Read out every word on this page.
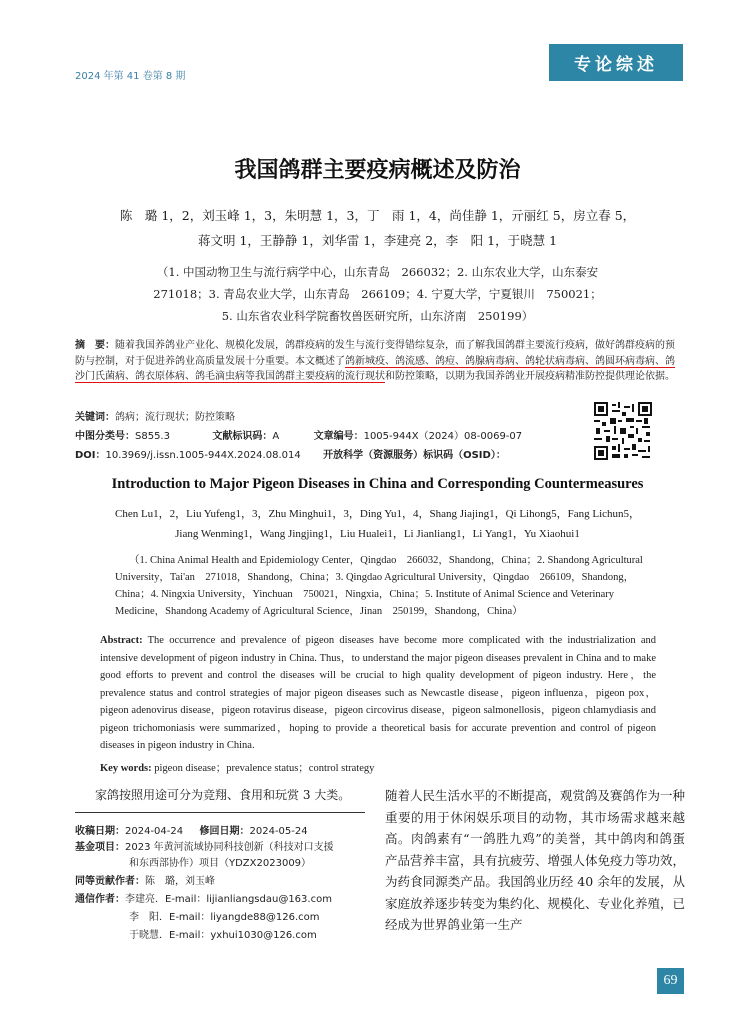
2024 年第 41 卷第 8 期
专论综述
我国鸽群主要疫病概述及防治
陈　璐 1，2，刘玉峰 1，3，朱明慧 1，3，丁　雨 1，4，尚佳静 1，亓丽红 5，房立春 5，
蒋文明 1，王静静 1，刘华雷 1，李建亮 2，李　阳 1，于晓慧 1
（1. 中国动物卫生与流行病学中心，山东青岛　266032；2. 山东农业大学，山东泰安
271018；3. 青岛农业大学，山东青岛　266109；4. 宁夏大学，宁夏银川　750021；
5. 山东省农业科学院畜牧兽医研究所，山东济南　250199）
摘　要：随着我国养鸽业产业化、规模化发展，鸽群疫病的发生与流行变得错综复杂，而了解我国鸽群主要流行疫病，做好鸽群疫病的预防与控制，对于促进养鸽业高质量发展十分重要。本文概述了鸽新城疫、鸽流感、鸽痘、鸽腺病毒病、鸽轮状病毒病、鸽圆环病毒病、鸽沙门氏菌病、鸽衣原体病、鸽毛滴虫病等我国鸽群主要疫病的流行现状和防控策略，以期为我国养鸽业开展疫病精准防控提供理论依据。
关键词：鸽病；流行现状；防控策略
中图分类号：S855.3	文献标识码：A	文章编号：1005-944X（2024）08-0069-07
DOI：10.3969/j.issn.1005-944X.2024.08.014 开放科学（资源服务）标识码（OSID）：
Introduction to Major Pigeon Diseases in China and Corresponding Countermeasures
Chen Lu1，2，Liu Yufeng1，3，Zhu Minghui1，3，Ding Yu1，4，Shang Jiajing1，Qi Lihong5，Fang Lichun5，
Jiang Wenming1，Wang Jingjing1，Liu Hualei1，Li Jianliang1，Li Yang1，Yu Xiaohui1
（1. China Animal Health and Epidemiology Center，Qingdao　266032，Shandong，China；2. Shandong Agricultural University，Tai'an　271018，Shandong，China；3. Qingdao Agricultural University，Qingdao　266109，Shandong，China；4. Ningxia University，Yinchuan　750021，Ningxia，China；5. Institute of Animal Science and Veterinary Medicine，Shandong Academy of Agricultural Science，Jinan　250199，Shandong，China）
Abstract: The occurrence and prevalence of pigeon diseases have become more complicated with the industrialization and intensive development of pigeon industry in China. Thus，to understand the major pigeon diseases prevalent in China and to make good efforts to prevent and control the diseases will be crucial to high quality development of pigeon industry. Here，the prevalence status and control strategies of major pigeon diseases such as Newcastle disease，pigeon influenza，pigeon pox，pigeon adenovirus disease，pigeon rotavirus disease，pigeon circovirus disease，pigeon salmonellosis，pigeon chlamydiasis and pigeon trichomoniasis were summarized，hoping to provide a theoretical basis for accurate prevention and control of pigeon diseases in pigeon industry in China.
Key words: pigeon disease；prevalence status；control strategy
家鸽按照用途可分为竞翔、食用和玩赏 3 大类。
收稿日期：2024-04-24 修回日期：2024-05-24
基金项目：2023 年黄河流域协同科技创新（科技对口支援
和东西部协作）项目（YDZX2023009）
同等贡献作者：陈　璐，刘玉峰
通信作者：李建亮．E-mail：lijianliangsdau@163.com
李　阳．E-mail：liyangde88@126.com
于晓慧．E-mail：yxhui1030@126.com
随着人民生活水平的不断提高，观赏鸽及赛鸽作为一种重要的用于休闲娱乐项目的动物，其市场需求越来越高。肉鸽素有“一鸽胜九鸡”的美誉，其中鸽肉和鸽蛋产品营养丰富，具有抗疲劳、增强人体免疫力等功效，为药食同源类产品。我国鸽业历经 40 余年的发展，从家庭放养逐步转变为集约化、规模化、专业化养殖，已经成为世界鸽业第一生产
69
